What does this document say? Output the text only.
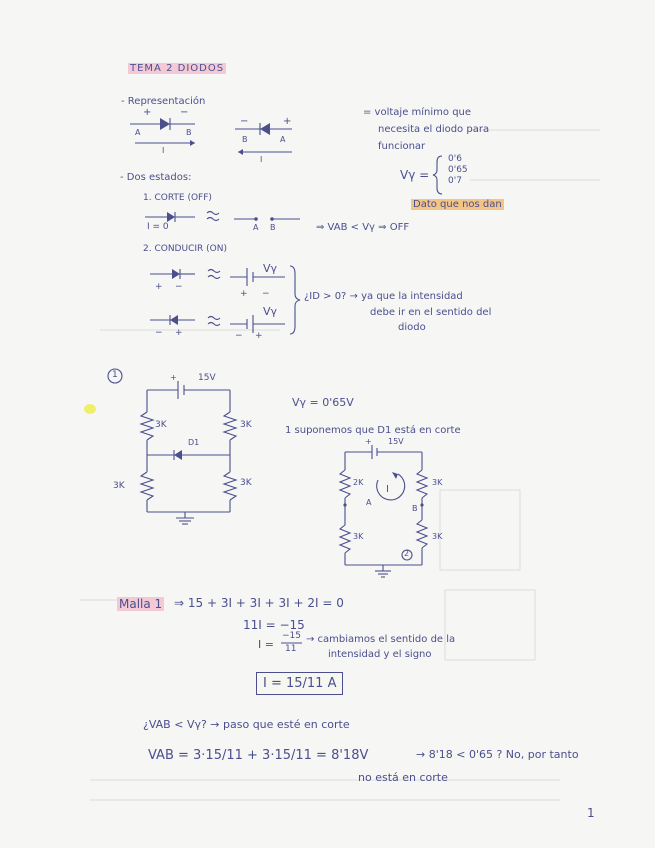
TEMA 2 DIODOS
- Representación
+	−
A	B
I
−	+
B	A
I
= voltaje mínimo que
necesita el diodo para
funcionar
Vγ =
0'6
0'65
0'7
Dato que nos dan
- Dos estados:
1. CORTE (OFF)
I = 0	A B	⇒ VAB < Vγ ⇒ OFF
2. CONDUCIR (ON)
+ −
Vγ
+ −
− +
Vγ
− +
¿ID > 0? → ya que la intensidad
debe ir en el sentido del
diodo
1	+ 15V
3K	3K
D1
3K	3K
Vγ = 0'65V
1 suponemos que D1 está en corte
+ 15V
2K	3K
3K	3K
I
A
B
2
Malla 1 ⇒ 15 + 3I + 3I + 3I + 2I = 0
11I = −15
I =
−15
11
→ cambiamos el sentido de la
intensidad y el signo
I = 15/11 A
¿VAB < Vγ? → paso que esté en corte
VAB = 3·15/11 + 3·15/11 = 8'18V	→ 8'18 < 0'65 ? No, por tanto
no está en corte
1
